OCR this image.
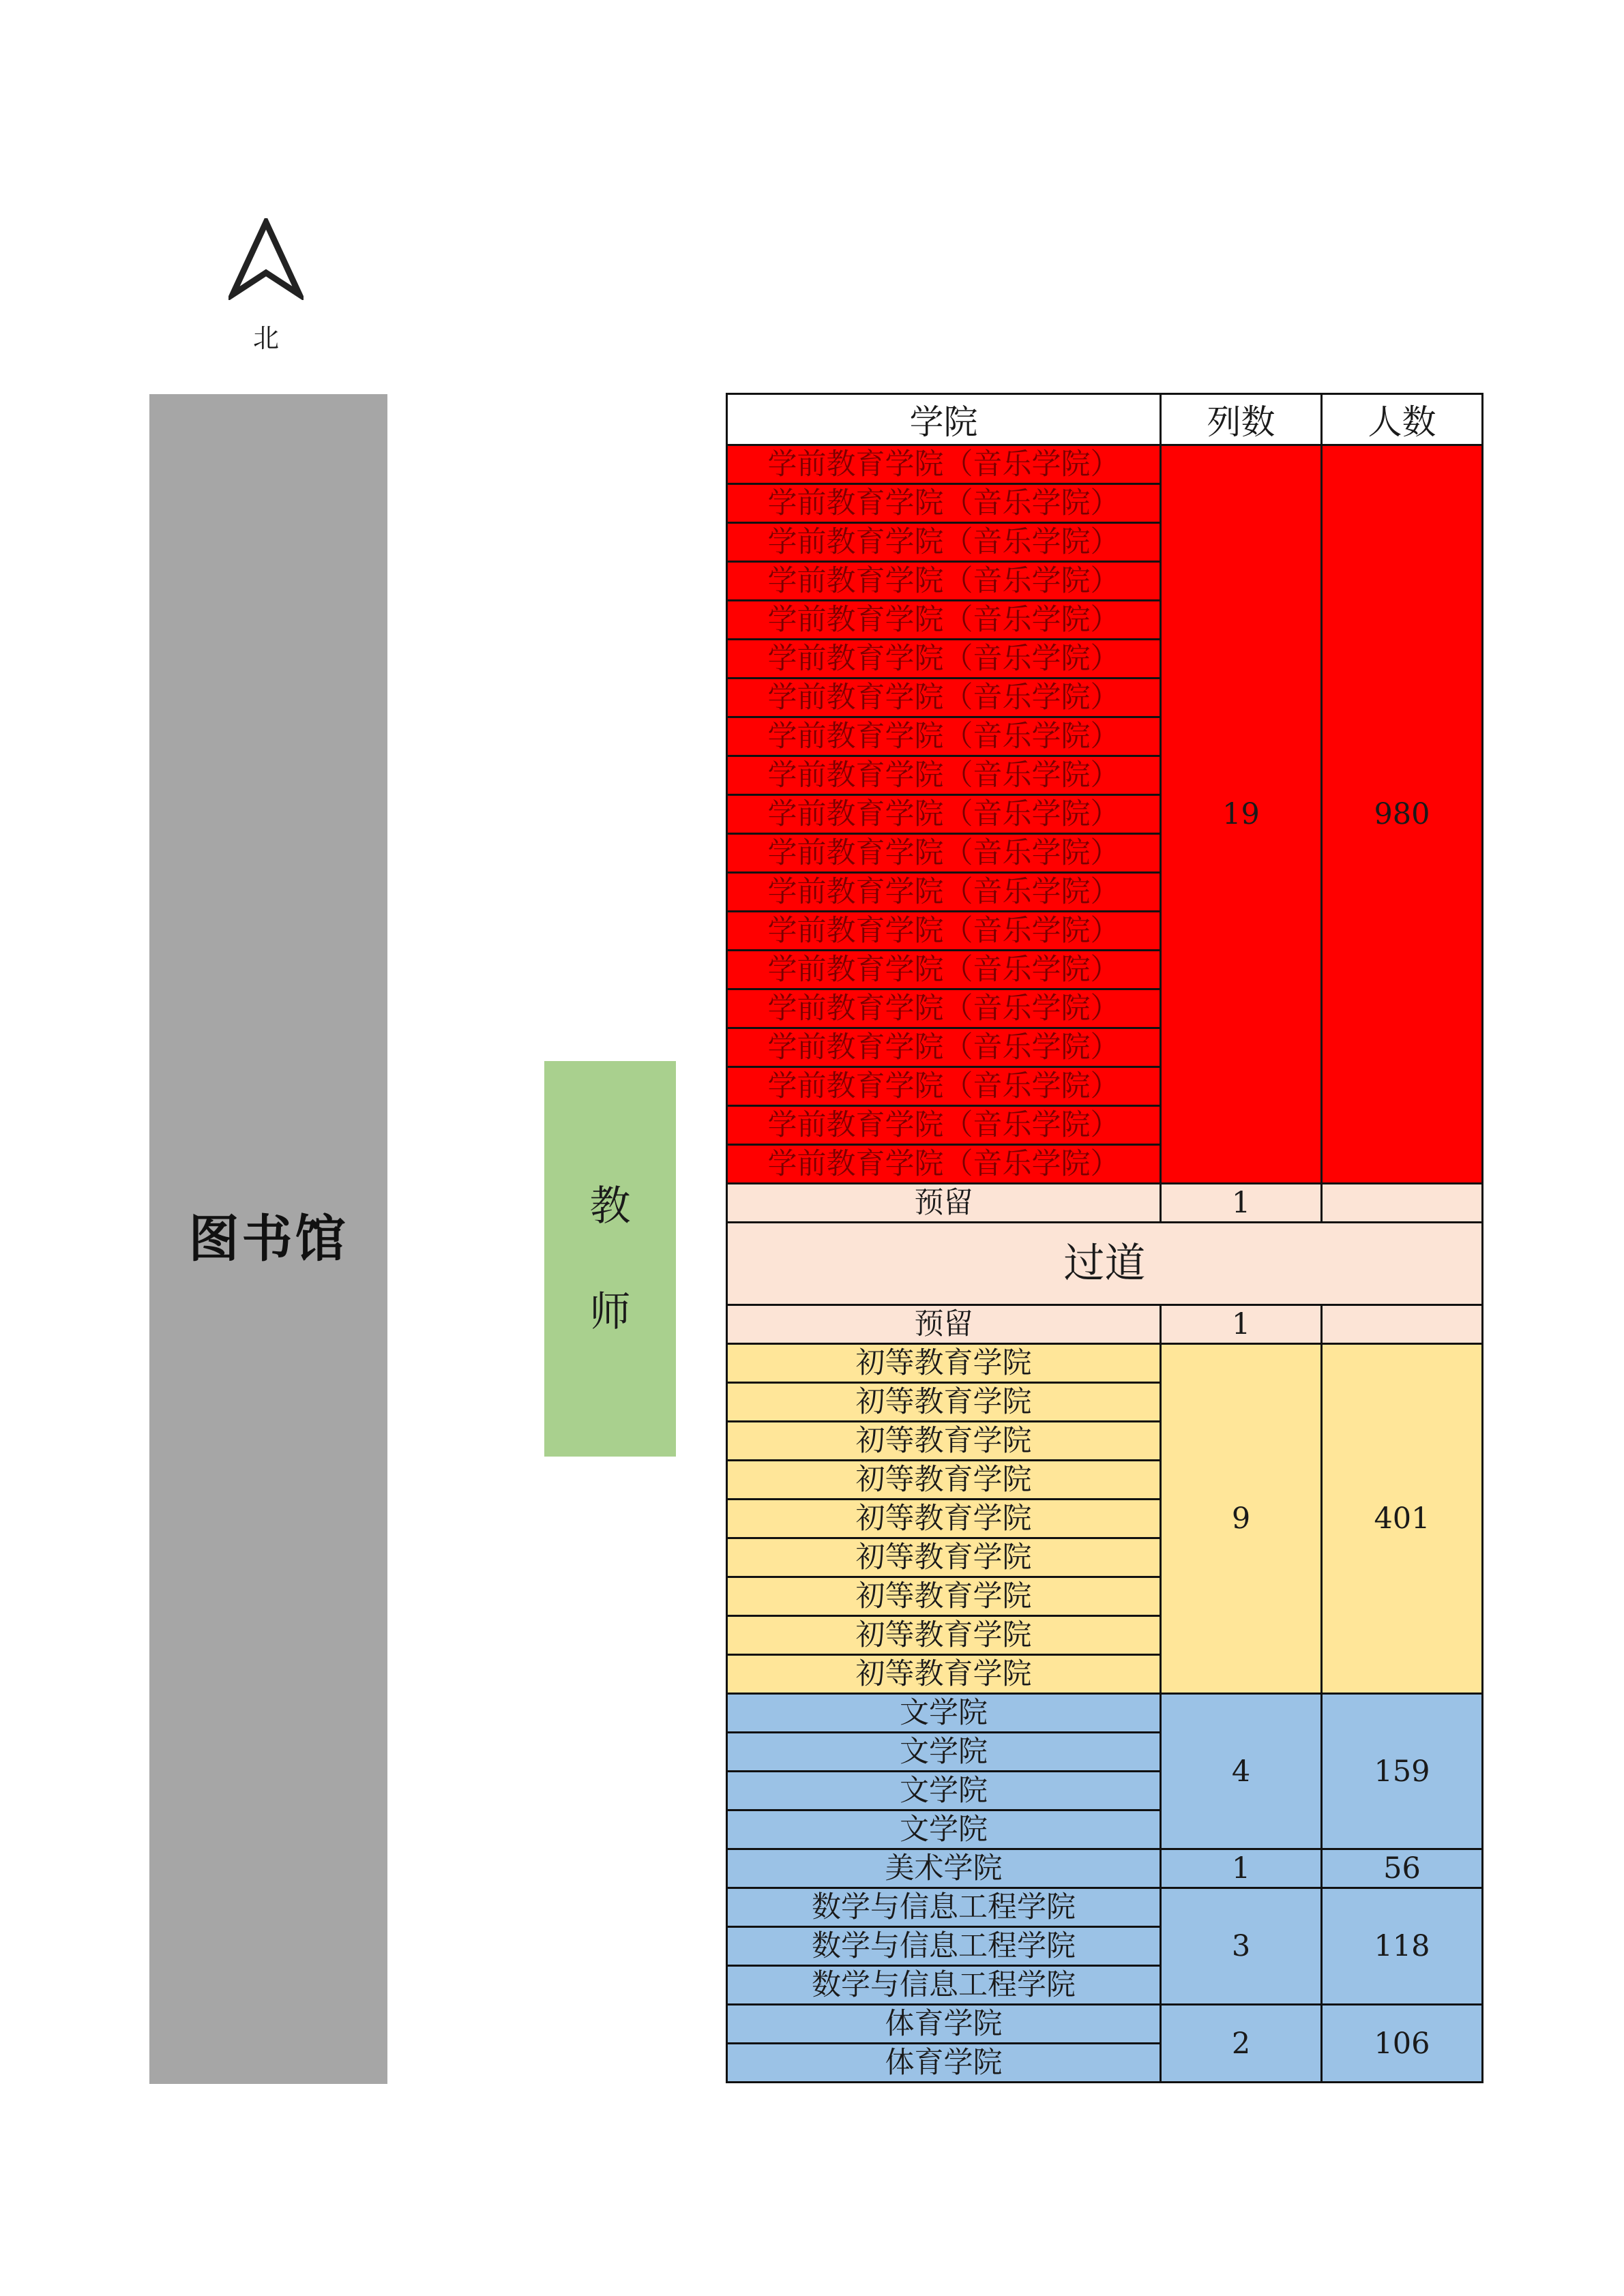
北
图书馆
教
师
学院	列数	人数
学前教育学院（音乐学院）	19	980
学前教育学院（音乐学院）		
学前教育学院（音乐学院）		
学前教育学院（音乐学院）		
学前教育学院（音乐学院）		
学前教育学院（音乐学院）		
学前教育学院（音乐学院）		
学前教育学院（音乐学院）		
学前教育学院（音乐学院）		
学前教育学院（音乐学院）		
学前教育学院（音乐学院）		
学前教育学院（音乐学院）		
学前教育学院（音乐学院）		
学前教育学院（音乐学院）		
学前教育学院（音乐学院）		
学前教育学院（音乐学院）		
学前教育学院（音乐学院）		
学前教育学院（音乐学院）		
学前教育学院（音乐学院）		
预留	1	
过道		
预留	1	
初等教育学院	9	401
初等教育学院		
初等教育学院		
初等教育学院		
初等教育学院		
初等教育学院		
初等教育学院		
初等教育学院		
初等教育学院		
文学院	4	159
文学院		
文学院		
文学院		
美术学院	1	56
数学与信息工程学院	3	118
数学与信息工程学院		
数学与信息工程学院		
体育学院	2	106
体育学院		
